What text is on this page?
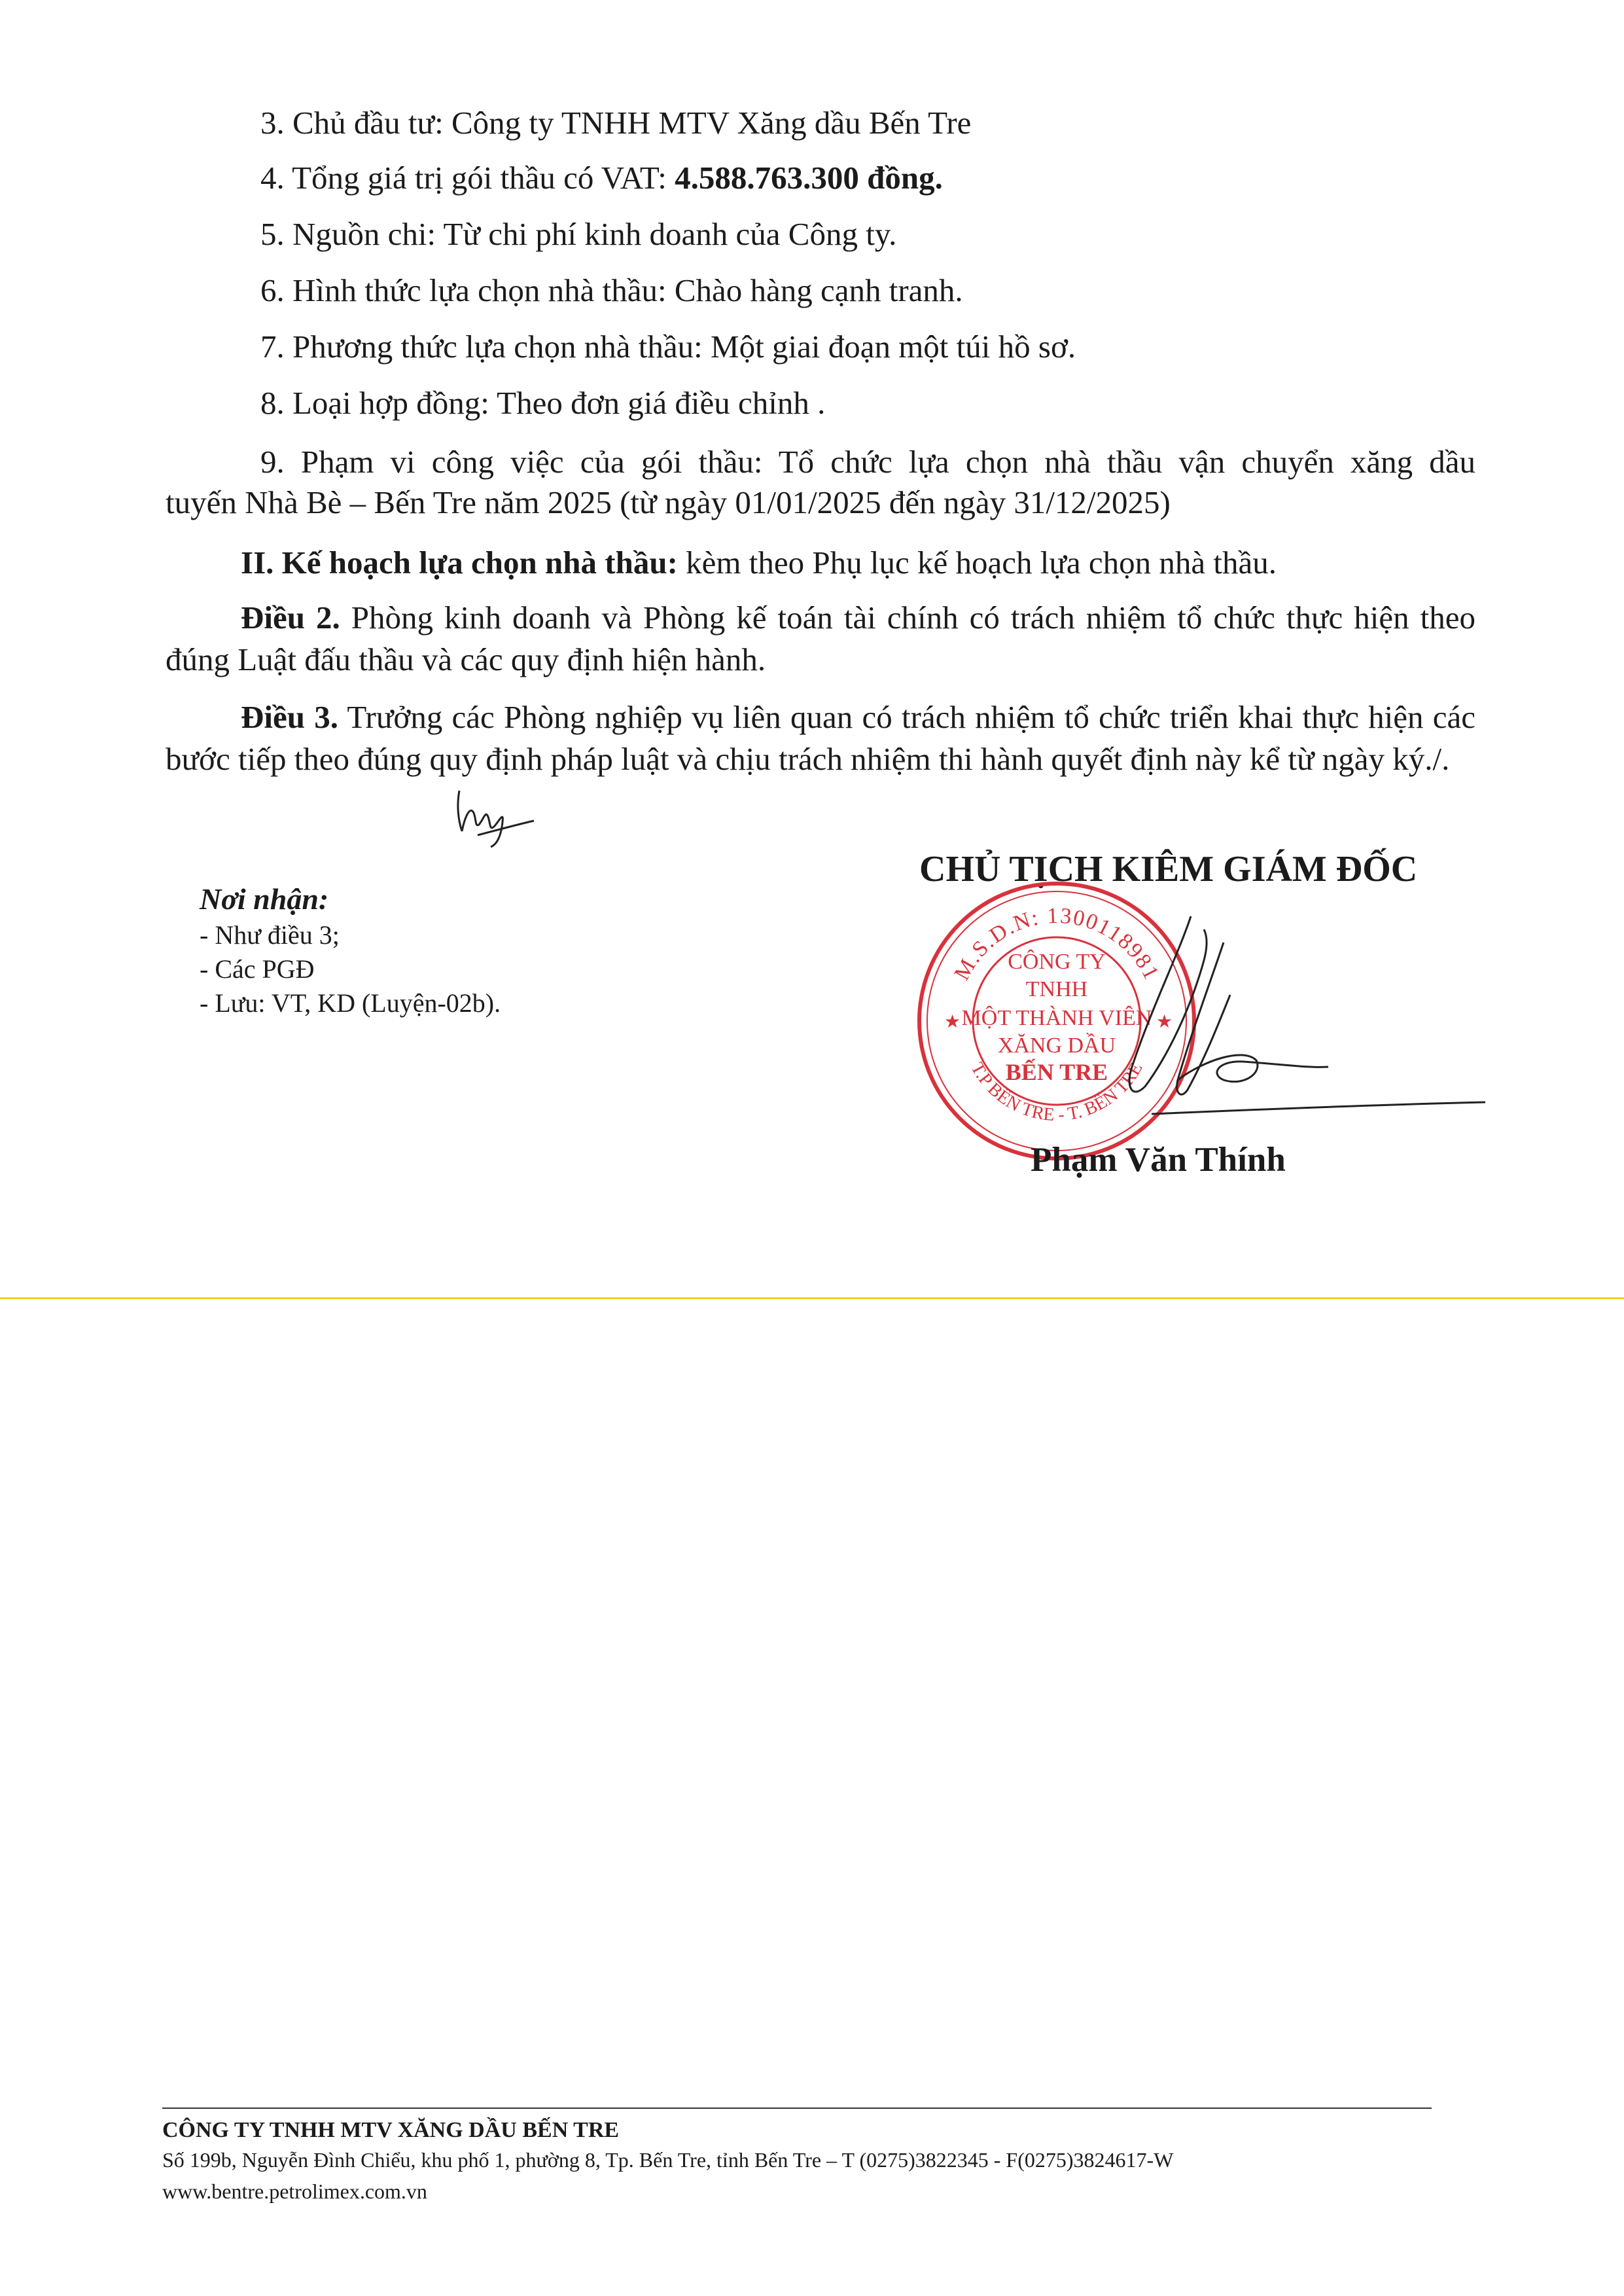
3. Chủ đầu tư: Công ty TNHH MTV Xăng dầu Bến Tre
4. Tổng giá trị gói thầu có VAT: 4.588.763.300 đồng.
5. Nguồn chi: Từ chi phí kinh doanh của Công ty.
6. Hình thức lựa chọn nhà thầu: Chào hàng cạnh tranh.
7. Phương thức lựa chọn nhà thầu: Một giai đoạn một túi hồ sơ.
8. Loại hợp đồng: Theo đơn giá điều chỉnh .
9. Phạm vi công việc của gói thầu: Tổ chức lựa chọn nhà thầu vận chuyển xăng dầu
tuyến Nhà Bè – Bến Tre năm 2025 (từ ngày 01/01/2025 đến ngày 31/12/2025)
II. Kế hoạch lựa chọn nhà thầu: kèm theo Phụ lục kế hoạch lựa chọn nhà thầu.
Điều 2. Phòng kinh doanh và Phòng kế toán tài chính có trách nhiệm tổ chức thực hiện theo đúng Luật đấu thầu và các quy định hiện hành.
Điều 3. Trưởng các Phòng nghiệp vụ liên quan có trách nhiệm tổ chức triển khai thực hiện các bước tiếp theo đúng quy định pháp luật và chịu trách nhiệm thi hành quyết định này kể từ ngày ký./.
Nơi nhận:
- Như điều 3;
- Các PGĐ
- Lưu: VT, KD (Luyện-02b).
CHỦ TỊCH KIÊM GIÁM ĐỐC
M.S.D.N: 1300118981
T.P BẾN TRE - T. BẾN TRE
★	★
CÔNG TY
TNHH
MỘT THÀNH VIÊN
XĂNG DẦU
BẾN TRE
Phạm Văn Thính
CÔNG TY TNHH MTV XĂNG DẦU BẾN TRE
Số 199b, Nguyễn Đình Chiểu, khu phố 1, phường 8, Tp. Bến Tre, tỉnh Bến Tre – T (0275)3822345 - F(0275)3824617-W
www.bentre.petrolimex.com.vn
